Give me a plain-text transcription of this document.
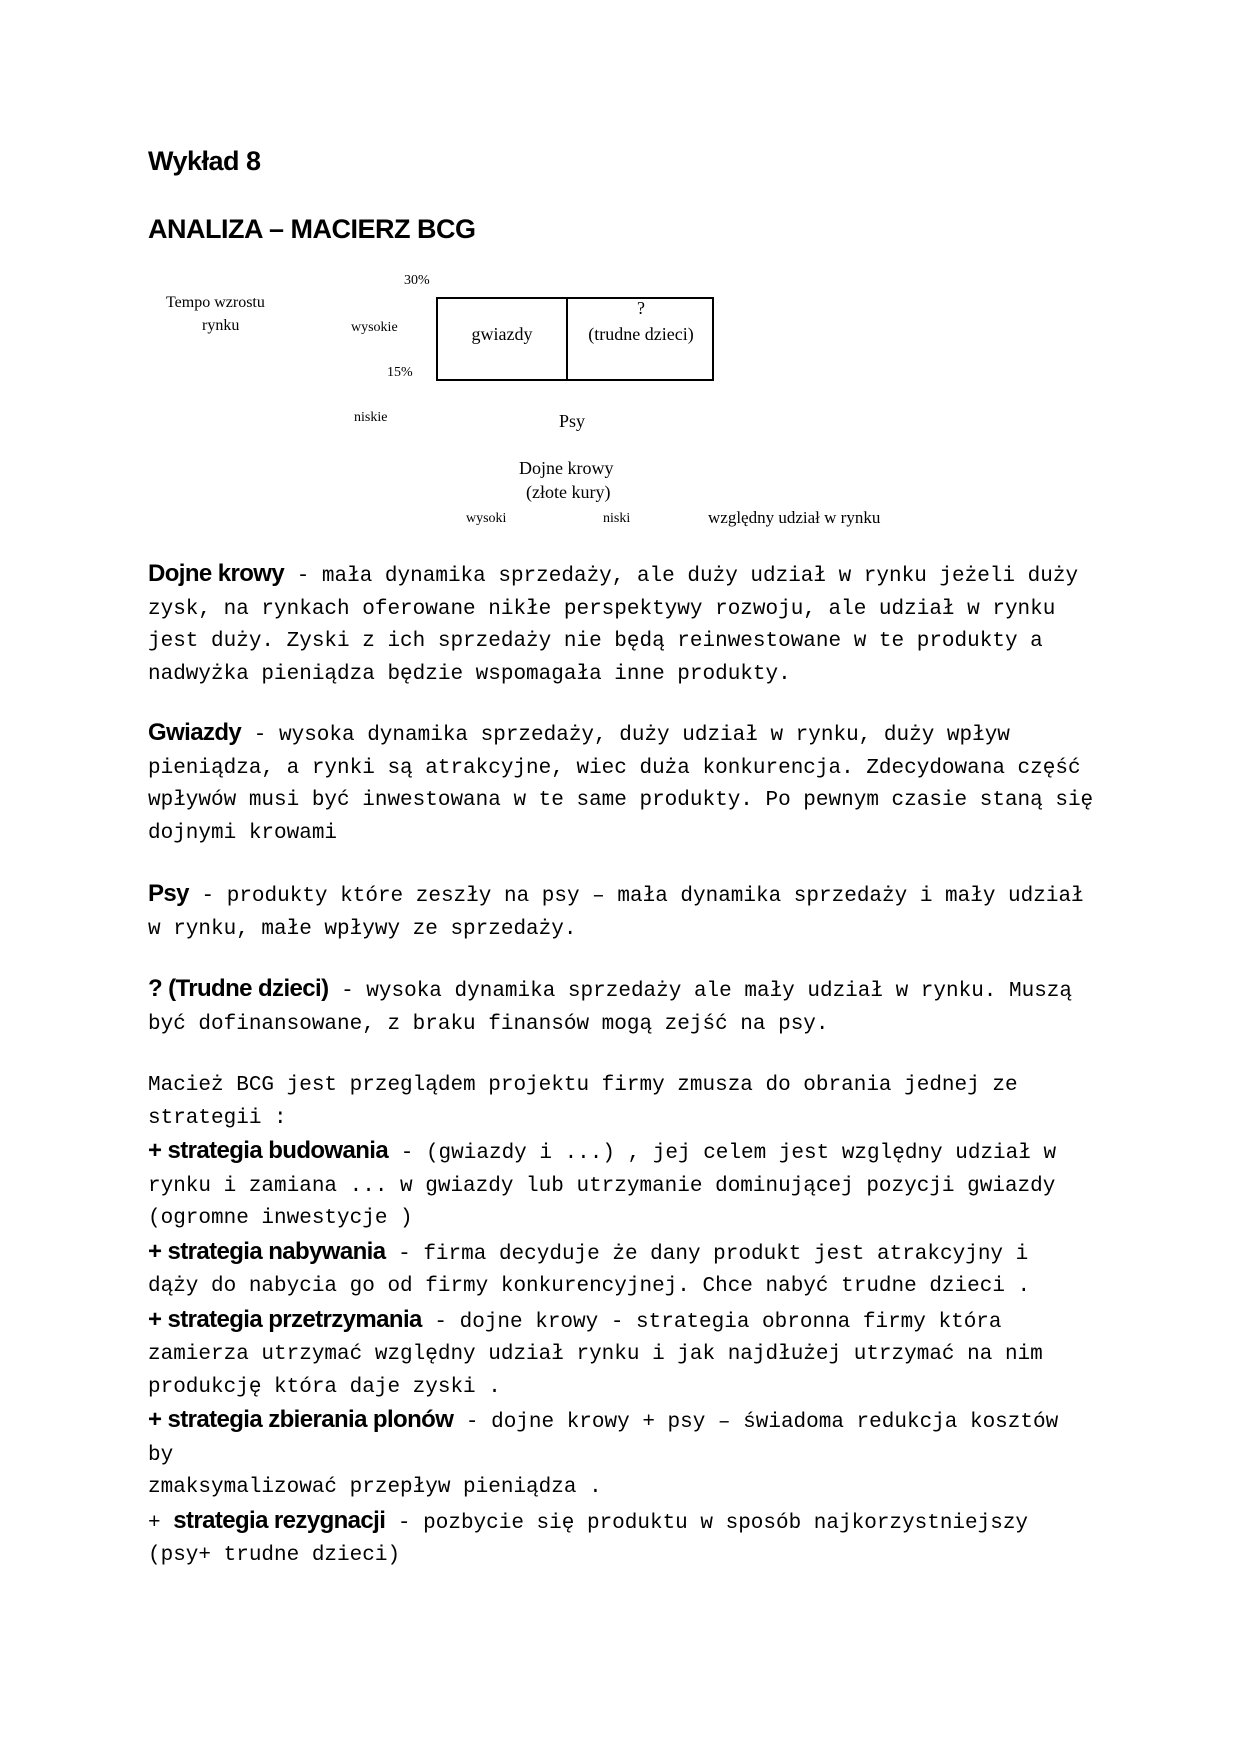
Wykład 8
ANALIZA – MACIERZ BCG
30%
Tempo wzrostu
rynku	wysokie
15%
niskie
gwiazdy
?
(trudne dzieci)
Psy
Dojne krowy
(złote kury)
wysoki	niski	względny udział w rynku
Dojne krowy - mała dynamika sprzedaży, ale duży udział w rynku jeżeli duży
zysk, na rynkach oferowane nikłe perspektywy rozwoju, ale udział w rynku
jest duży. Zyski z ich sprzedaży nie będą reinwestowane w te produkty a
nadwyżka pieniądza będzie wspomagała inne produkty.
Gwiazdy - wysoka dynamika sprzedaży, duży udział w rynku, duży wpływ
pieniądza, a rynki są atrakcyjne, wiec duża konkurencja. Zdecydowana część
wpływów musi być inwestowana w te same produkty. Po pewnym czasie staną się
dojnymi krowami
Psy - produkty które zeszły na psy – mała dynamika sprzedaży i mały udział
w rynku, małe wpływy ze sprzedaży.
? (Trudne dzieci) - wysoka dynamika sprzedaży ale mały udział w rynku. Muszą
być dofinansowane, z braku finansów mogą zejść na psy.
Macież BCG jest przeglądem projektu firmy zmusza do obrania jednej ze
strategii :
+ strategia budowania - (gwiazdy i ...) , jej celem jest względny udział w
rynku i zamiana ... w gwiazdy lub utrzymanie dominującej pozycji gwiazdy
(ogromne inwestycje )
+ strategia nabywania - firma decyduje że dany produkt jest atrakcyjny i
dąży do nabycia go od firmy konkurencyjnej. Chce nabyć trudne dzieci .
+ strategia przetrzymania - dojne krowy - strategia obronna firmy która
zamierza utrzymać względny udział rynku i jak najdłużej utrzymać na nim
produkcję która daje zyski .
+ strategia zbierania plonów - dojne krowy + psy – świadoma redukcja kosztów
by
zmaksymalizować przepływ pieniądza .
+ strategia rezygnacji - pozbycie się produktu w sposób najkorzystniejszy
(psy+ trudne dzieci)
